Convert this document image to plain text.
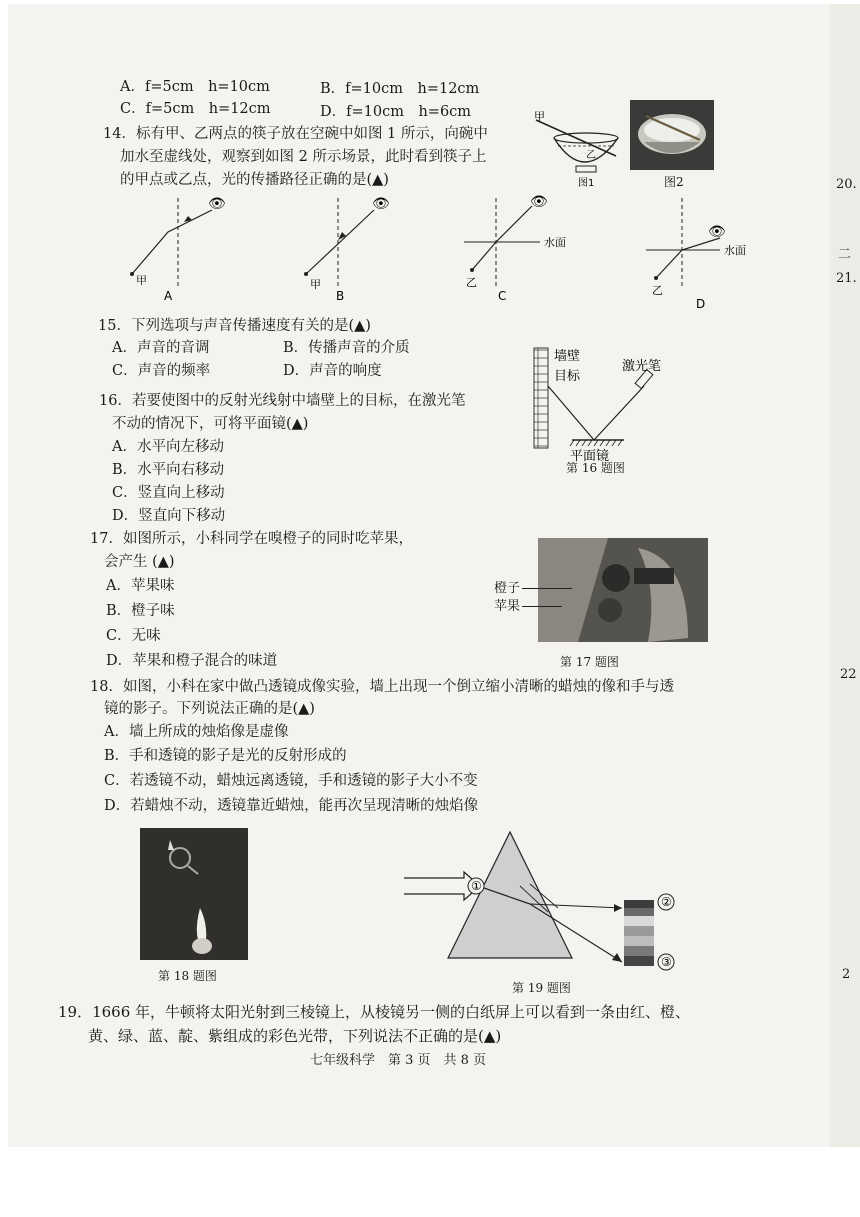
A．f=5cm　h=10cm	B．f=10cm　h=12cm
C．f=5cm　h=12cm	D．f=10cm　h=6cm
14．标有甲、乙两点的筷子放在空碗中如图 1 所示，向碗中
加水至虚线处，观察到如图 2 所示场景，此时看到筷子上
的甲点或乙点，光的传播路径正确的是(▲)
甲
乙
图1	图2
甲
👁
A
甲
👁
B
乙
水面
👁
C	乙
水面
👁
D
15．下列选项与声音传播速度有关的是(▲)
A．声音的音调	B．传播声音的介质
C．声音的频率	D．声音的响度
16．若要使图中的反射光线射中墙壁上的目标，在激光笔
不动的情况下，可将平面镜(▲)
A．水平向左移动
B．水平向右移动
C．竖直向上移动
D．竖直向下移动
墙壁
目标
激光笔
平面镜
第 16 题图
17．如图所示，小科同学在嗅橙子的同时吃苹果，
会产生 (▲)
A．苹果味
B．橙子味
C．无味
D．苹果和橙子混合的味道
橙子
苹果
第 17 题图
18．如图，小科在家中做凸透镜成像实验，墙上出现一个倒立缩小清晰的蜡烛的像和手与透
镜的影子。下列说法正确的是(▲)
A．墙上所成的烛焰像是虚像
B．手和透镜的影子是光的反射形成的
C．若透镜不动，蜡烛远离透镜，手和透镜的影子大小不变
D．若蜡烛不动，透镜靠近蜡烛，能再次呈现清晰的烛焰像
第 18 题图
①
②
③
第 19 题图
19．1666 年，牛顿将太阳光射到三棱镜上，从棱镜另一侧的白纸屏上可以看到一条由红、橙、
黄、绿、蓝、靛、紫组成的彩色光带，下列说法不正确的是(▲)
七年级科学　第 3 页　共 8 页
20.
二
21.
22
2
